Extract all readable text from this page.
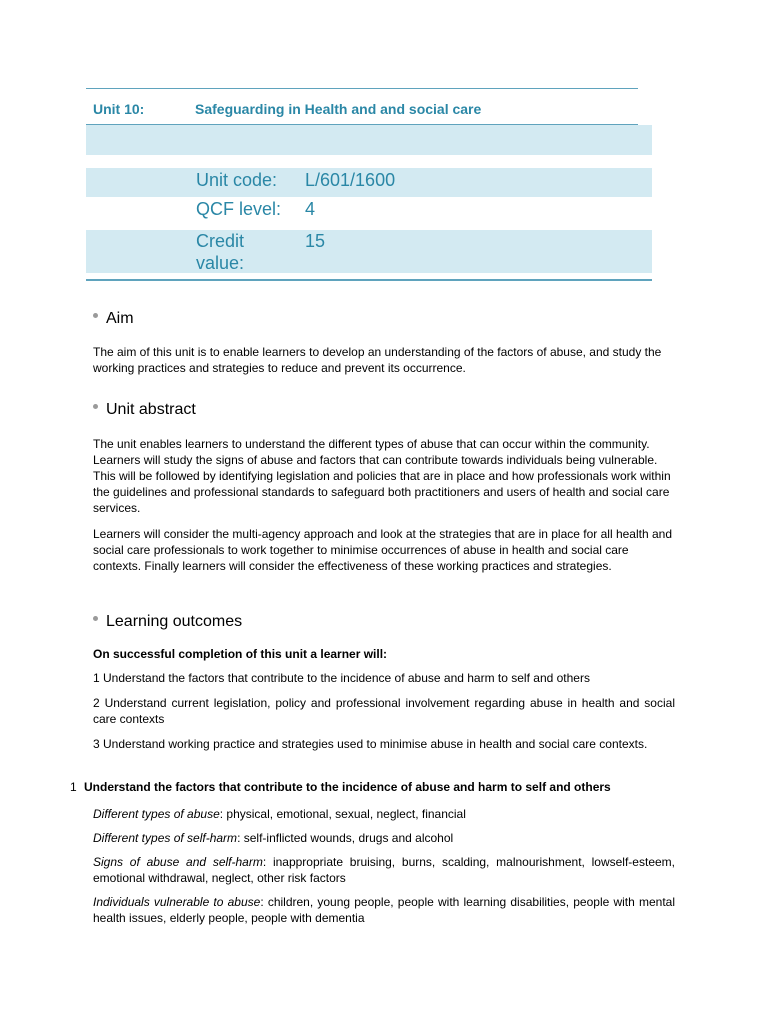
Unit 10:	Safeguarding in Health and and social care
Unit code: L/601/1600
QCF level: 4
Credit
value:
15
Aim
The aim of this unit is to enable learners to develop an understanding of the factors of abuse, and study the working practices and strategies to reduce and prevent its occurrence.
Unit abstract
The unit enables learners to understand the different types of abuse that can occur within the community. Learners will study the signs of abuse and factors that can contribute towards individuals being vulnerable. This will be followed by identifying legislation and policies that are in place and how professionals work within the guidelines and professional standards to safeguard both practitioners and users of health and social care services.
Learners will consider the multi-agency approach and look at the strategies that are in place for all health and social care professionals to work together to minimise occurrences of abuse in health and social care contexts. Finally learners will consider the effectiveness of these working practices and strategies.
Learning outcomes
On successful completion of this unit a learner will:
1 Understand the factors that contribute to the incidence of abuse and harm to self and others
2 Understand current legislation, policy and professional involvement regarding abuse in health and social care contexts
3 Understand working practice and strategies used to minimise abuse in health and social care contexts.
1 Understand the factors that contribute to the incidence of abuse and harm to self and others
Different types of abuse: physical, emotional, sexual, neglect, financial
Different types of self-harm: self-inflicted wounds, drugs and alcohol
Signs of abuse and self-harm: inappropriate bruising, burns, scalding, malnourishment, lowself-esteem, emotional withdrawal, neglect, other risk factors
Individuals vulnerable to abuse: children, young people, people with learning disabilities, people with mental health issues, elderly people, people with dementia
